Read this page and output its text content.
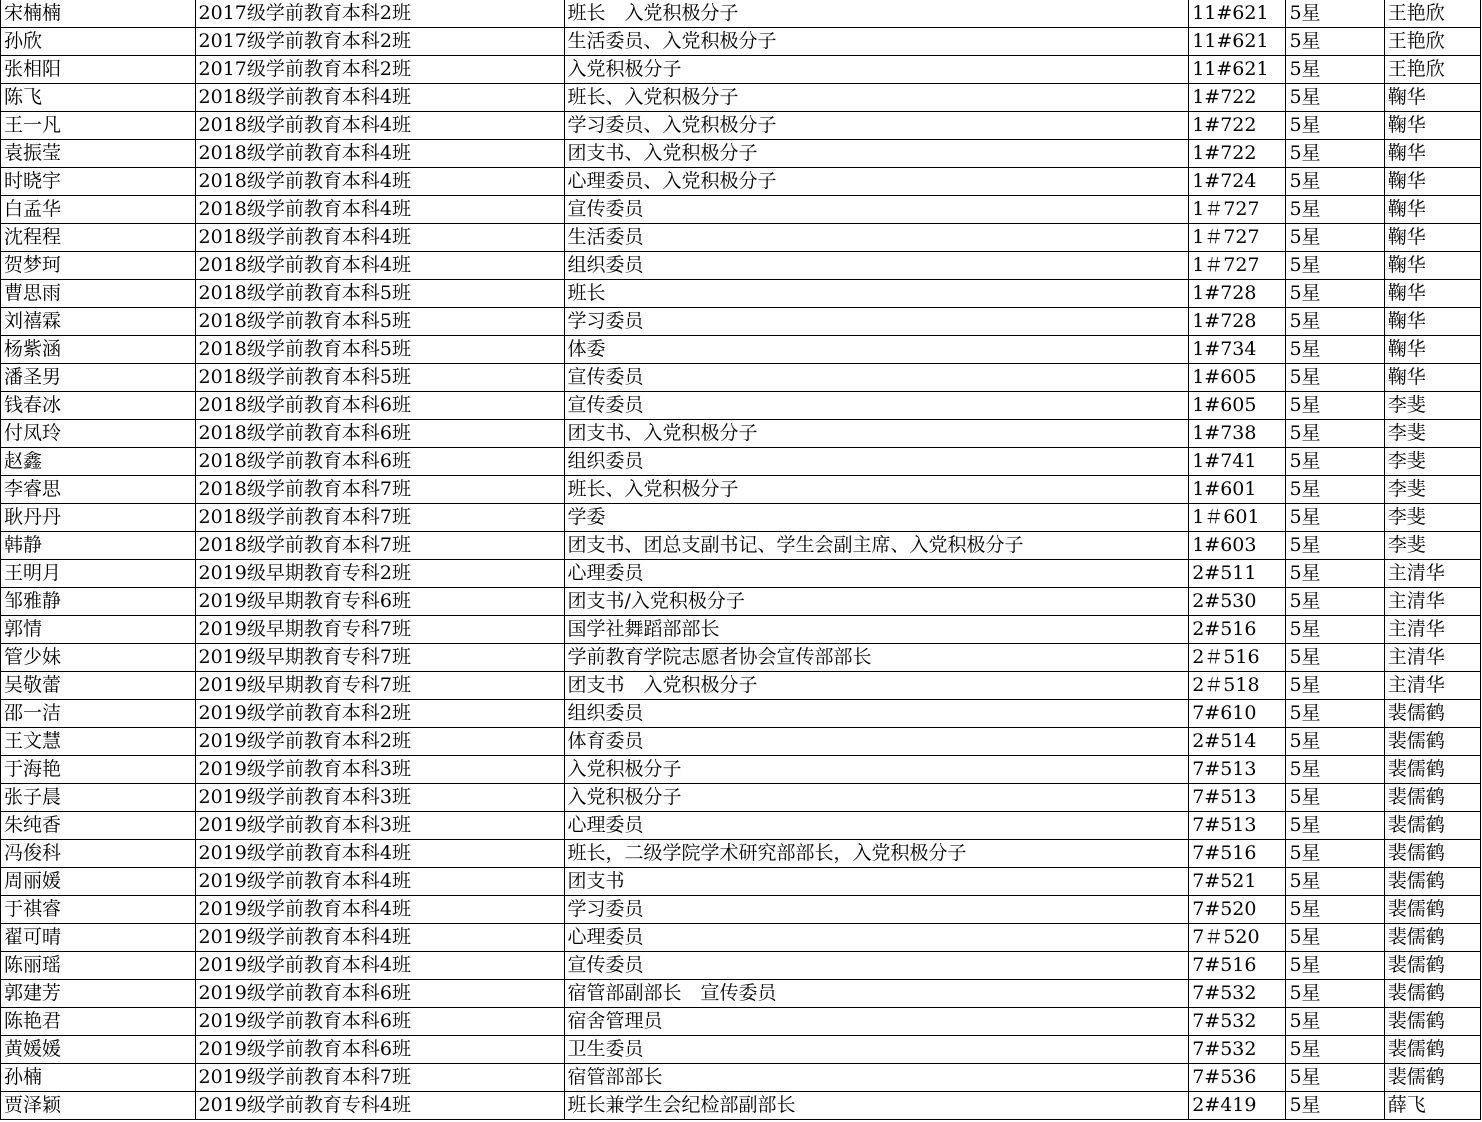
宋楠楠	2017级学前教育本科2班	班长　入党积极分子	11#621	5星	王艳欣
孙欣	2017级学前教育本科2班	生活委员、入党积极分子	11#621	5星	王艳欣
张相阳	2017级学前教育本科2班	入党积极分子	11#621	5星	王艳欣
陈飞	2018级学前教育本科4班	班长、入党积极分子	1#722	5星	鞠华
王一凡	2018级学前教育本科4班	学习委员、入党积极分子	1#722	5星	鞠华
袁振莹	2018级学前教育本科4班	团支书、入党积极分子	1#722	5星	鞠华
时晓宇	2018级学前教育本科4班	心理委员、入党积极分子	1#724	5星	鞠华
白孟华	2018级学前教育本科4班	宣传委员	1＃727	5星	鞠华
沈程程	2018级学前教育本科4班	生活委员	1＃727	5星	鞠华
贺梦珂	2018级学前教育本科4班	组织委员	1＃727	5星	鞠华
曹思雨	2018级学前教育本科5班	班长	1#728	5星	鞠华
刘禧霖	2018级学前教育本科5班	学习委员	1#728	5星	鞠华
杨紫涵	2018级学前教育本科5班	体委	1#734	5星	鞠华
潘圣男	2018级学前教育本科5班	宣传委员	1#605	5星	鞠华
钱春冰	2018级学前教育本科6班	宣传委员	1#605	5星	李斐
付凤玲	2018级学前教育本科6班	团支书、入党积极分子	1#738	5星	李斐
赵鑫	2018级学前教育本科6班	组织委员	1#741	5星	李斐
李睿思	2018级学前教育本科7班	班长、入党积极分子	1#601	5星	李斐
耿丹丹	2018级学前教育本科7班	学委	1＃601	5星	李斐
韩静	2018级学前教育本科7班	团支书、团总支副书记、学生会副主席、入党积极分子	1#603	5星	李斐
王明月	2019级早期教育专科2班	心理委员	2#511	5星	主清华
邹雅静	2019级早期教育专科6班	团支书/入党积极分子	2#530	5星	主清华
郭情	2019级早期教育专科7班	国学社舞蹈部部长	2#516	5星	主清华
管少妹	2019级早期教育专科7班	学前教育学院志愿者协会宣传部部长	2＃516	5星	主清华
吴敬蕾	2019级早期教育专科7班	团支书　入党积极分子	2＃518	5星	主清华
邵一洁	2019级学前教育本科2班	组织委员	7#610	5星	裴儒鹤
王文慧	2019级学前教育本科2班	体育委员	2#514	5星	裴儒鹤
于海艳	2019级学前教育本科3班	入党积极分子	7#513	5星	裴儒鹤
张子晨	2019级学前教育本科3班	入党积极分子	7#513	5星	裴儒鹤
朱纯香	2019级学前教育本科3班	心理委员	7#513	5星	裴儒鹤
冯俊科	2019级学前教育本科4班	班长，二级学院学术研究部部长，入党积极分子	7#516	5星	裴儒鹤
周丽媛	2019级学前教育本科4班	团支书	7#521	5星	裴儒鹤
于祺睿	2019级学前教育本科4班	学习委员	7#520	5星	裴儒鹤
翟可晴	2019级学前教育本科4班	心理委员	7＃520	5星	裴儒鹤
陈丽瑶	2019级学前教育本科4班	宣传委员	7#516	5星	裴儒鹤
郭建芳	2019级学前教育本科6班	宿管部副部长　宣传委员	7#532	5星	裴儒鹤
陈艳君	2019级学前教育本科6班	宿舍管理员	7#532	5星	裴儒鹤
黄媛媛	2019级学前教育本科6班	卫生委员	7#532	5星	裴儒鹤
孙楠	2019级学前教育本科7班	宿管部部长	7#536	5星	裴儒鹤
贾泽颖	2019级学前教育专科4班	班长兼学生会纪检部副部长	2#419	5星	薛飞
